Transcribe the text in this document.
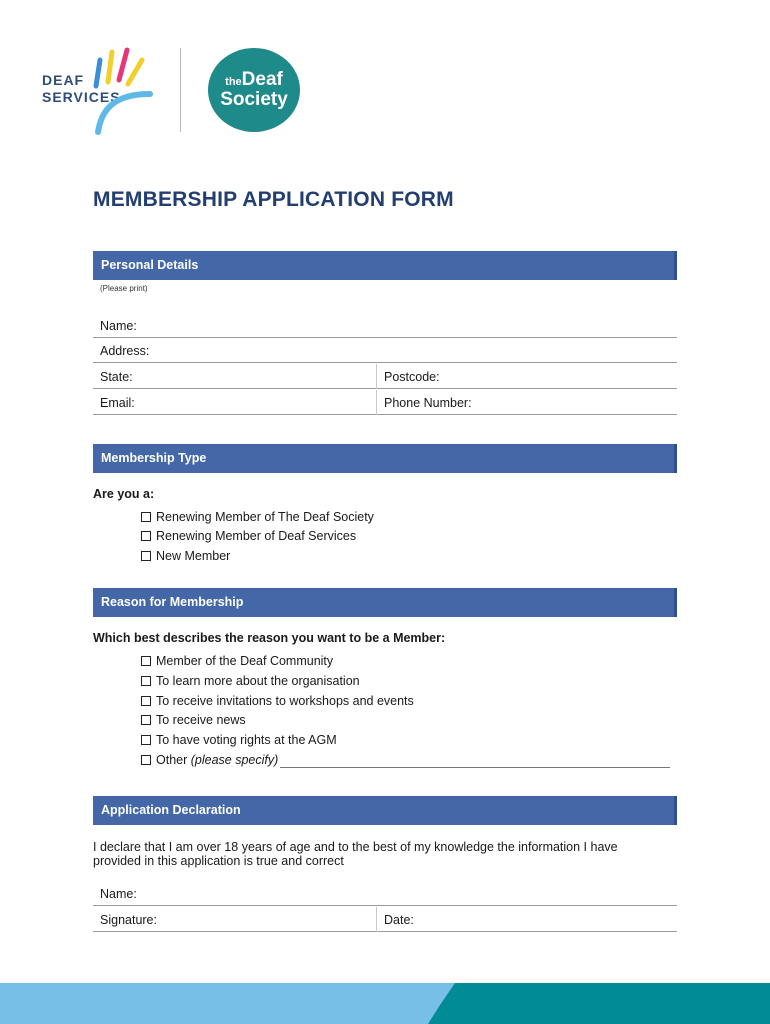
DEAF
SERVICES
theDeaf
Society
MEMBERSHIP APPLICATION FORM
Personal Details
(Please print)
Name:
Address:
State:	Postcode:
Email:	Phone Number:
Membership Type
Are you a:
Renewing Member of The Deaf Society
Renewing Member of Deaf Services
New Member
Reason for Membership
Which best describes the reason you want to be a Member:
Member of the Deaf Community
To learn more about the organisation
To receive invitations to workshops and events
To receive news
To have voting rights at the AGM
Other (please specify)
Application Declaration
I declare that I am over 18 years of age and to the best of my knowledge the information I have
provided in this application is true and correct
Name:
Signature:	Date:
